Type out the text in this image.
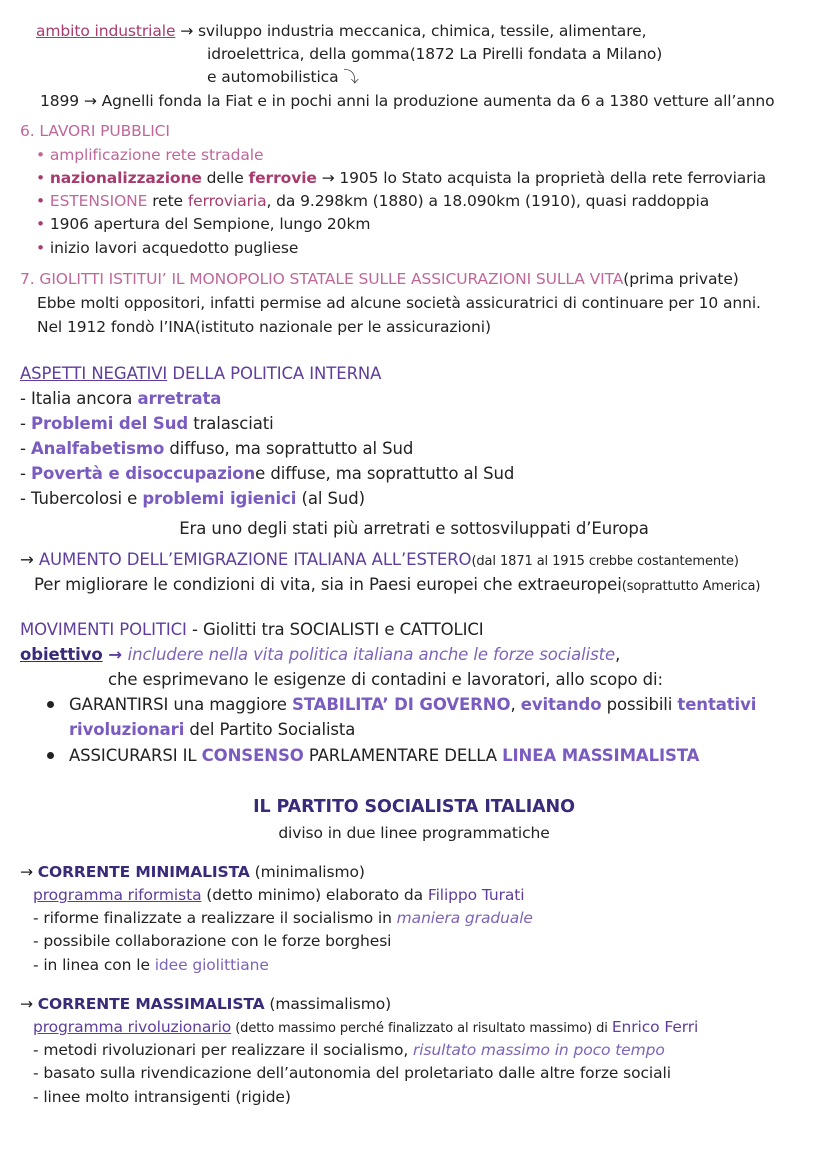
ambito industriale → sviluppo industria meccanica, chimica, tessile, alimentare,
idroelettrica, della gomma(1872 La Pirelli fondata a Milano)
e automobilistica ⤵
1899 → Agnelli fonda la Fiat e in pochi anni la produzione aumenta da 6 a 1380 vetture all’anno
6. LAVORI PUBBLICI
• amplificazione rete stradale
• nazionalizzazione delle ferrovie → 1905 lo Stato acquista la proprietà della rete ferroviaria
• ESTENSIONE rete ferroviaria, da 9.298km (1880) a 18.090km (1910), quasi raddoppia
• 1906 apertura del Sempione, lungo 20km
• inizio lavori acquedotto pugliese
7. GIOLITTI ISTITUI’ IL MONOPOLIO STATALE SULLE ASSICURAZIONI SULLA VITA(prima private)
Ebbe molti oppositori, infatti permise ad alcune società assicuratrici di continuare per 10 anni.
Nel 1912 fondò l’INA(istituto nazionale per le assicurazioni)
ASPETTI NEGATIVI DELLA POLITICA INTERNA
- Italia ancora arretrata
- Problemi del Sud tralasciati
- Analfabetismo diffuso, ma soprattutto al Sud
- Povertà e disoccupazione diffuse, ma soprattutto al Sud
- Tubercolosi e problemi igienici (al Sud)
Era uno degli stati più arretrati e sottosviluppati d’Europa
→ AUMENTO DELL’EMIGRAZIONE ITALIANA ALL’ESTERO(dal 1871 al 1915 crebbe costantemente)
Per migliorare le condizioni di vita, sia in Paesi europei che extraeuropei(soprattutto America)
MOVIMENTI POLITICI - Giolitti tra SOCIALISTI e CATTOLICI
obiettivo → includere nella vita politica italiana anche le forze socialiste,
che esprimevano le esigenze di contadini e lavoratori, allo scopo di:
GARANTIRSI una maggiore STABILITA’ DI GOVERNO, evitando possibili tentativi
rivoluzionari del Partito Socialista
ASSICURARSI IL CONSENSO PARLAMENTARE DELLA LINEA MASSIMALISTA
IL PARTITO SOCIALISTA ITALIANO
diviso in due linee programmatiche
→ CORRENTE MINIMALISTA (minimalismo)
programma riformista (detto minimo) elaborato da Filippo Turati
- riforme finalizzate a realizzare il socialismo in maniera graduale
- possibile collaborazione con le forze borghesi
- in linea con le idee giolittiane
→ CORRENTE MASSIMALISTA (massimalismo)
programma rivoluzionario (detto massimo perché finalizzato al risultato massimo) di Enrico Ferri
- metodi rivoluzionari per realizzare il socialismo, risultato massimo in poco tempo
- basato sulla rivendicazione dell’autonomia del proletariato dalle altre forze sociali
- linee molto intransigenti (rigide)
